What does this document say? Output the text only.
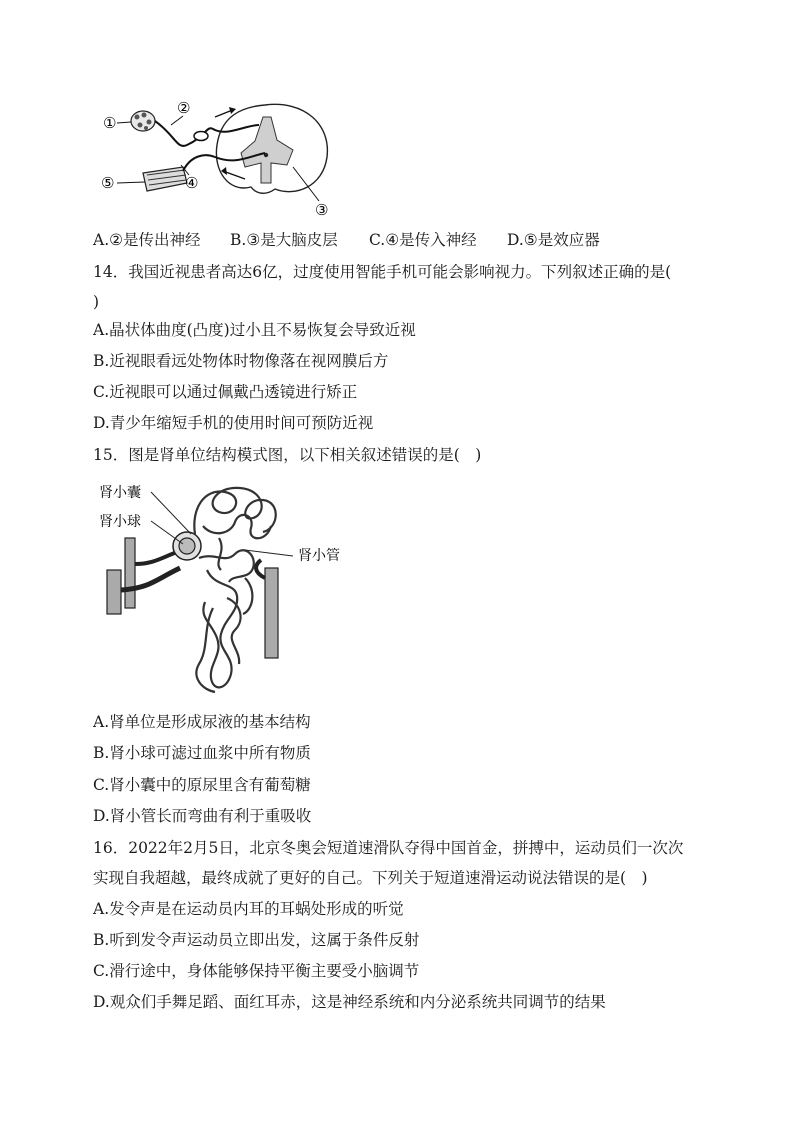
①
②
⑤	④
③
A.②是传出神经 B.③是大脑皮层 C.④是传入神经 D.⑤是效应器
14．我国近视患者高达6亿，过度使用智能手机可能会影响视力。下列叙述正确的是(
)
A.晶状体曲度(凸度)过小且不易恢复会导致近视
B.近视眼看远处物体时物像落在视网膜后方
C.近视眼可以通过佩戴凸透镜进行矫正
D.青少年缩短手机的使用时间可预防近视
15．图是肾单位结构模式图，以下相关叙述错误的是(　)
肾小囊
肾小球
肾小管
A.肾单位是形成尿液的基本结构
B.肾小球可滤过血浆中所有物质
C.肾小囊中的原尿里含有葡萄糖
D.肾小管长而弯曲有利于重吸收
16．2022年2月5日，北京冬奥会短道速滑队夺得中国首金，拼搏中，运动员们一次次
实现自我超越，最终成就了更好的自己。下列关于短道速滑运动说法错误的是(　)
A.发令声是在运动员内耳的耳蜗处形成的听觉
B.听到发令声运动员立即出发，这属于条件反射
C.滑行途中，身体能够保持平衡主要受小脑调节
D.观众们手舞足蹈、面红耳赤，这是神经系统和内分泌系统共同调节的结果
